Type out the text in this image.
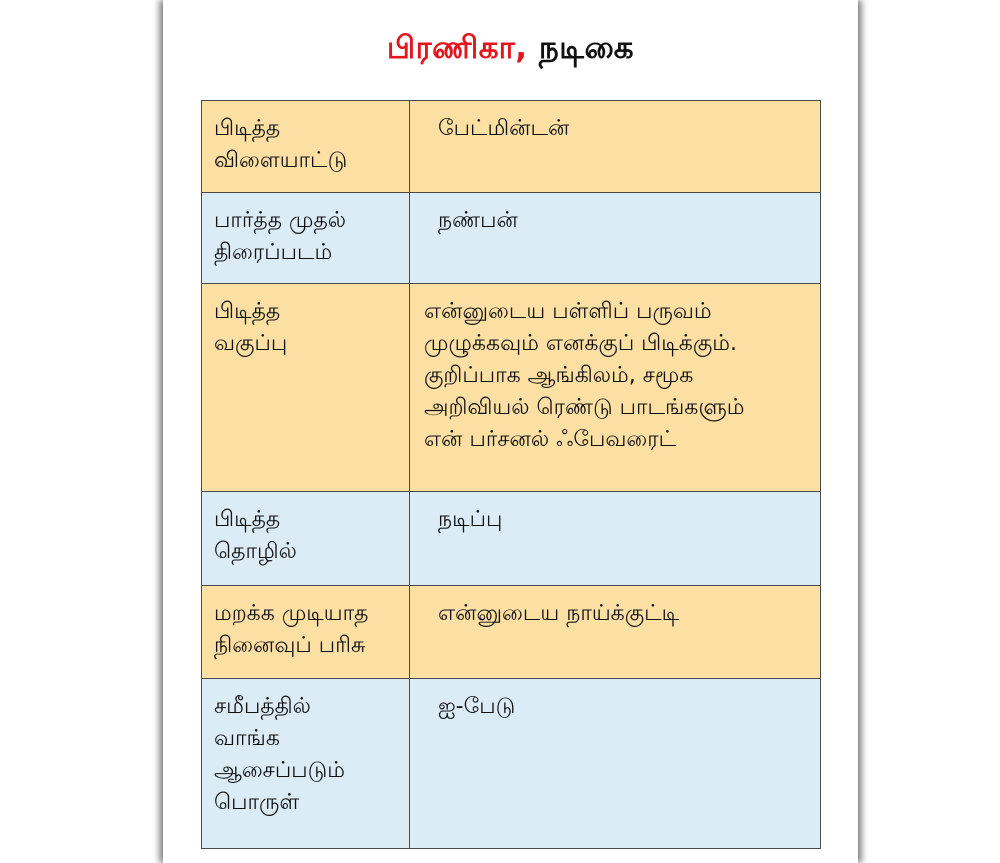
பிரணிகா, நடிகை
பிடித்த
விளையாட்டு	பேட்மின்டன்

பார்த்த முதல்
திரைப்படம்	நண்பன்

பிடித்த
வகுப்பு	என்னுடைய பள்ளிப் பருவம்
முழுக்கவும் எனக்குப் பிடிக்கும்.
குறிப்பாக ஆங்கிலம், சமூக
அறிவியல் ரெண்டு பாடங்களும்
என் பர்சனல் ஃபேவரைட்

பிடித்த
தொழில்	நடிப்பு

மறக்க முடியாத
நினைவுப் பரிசு	என்னுடைய நாய்க்குட்டி

சமீபத்தில்
வாங்க
ஆசைப்படும்
பொருள்	ஐ-பேடு
